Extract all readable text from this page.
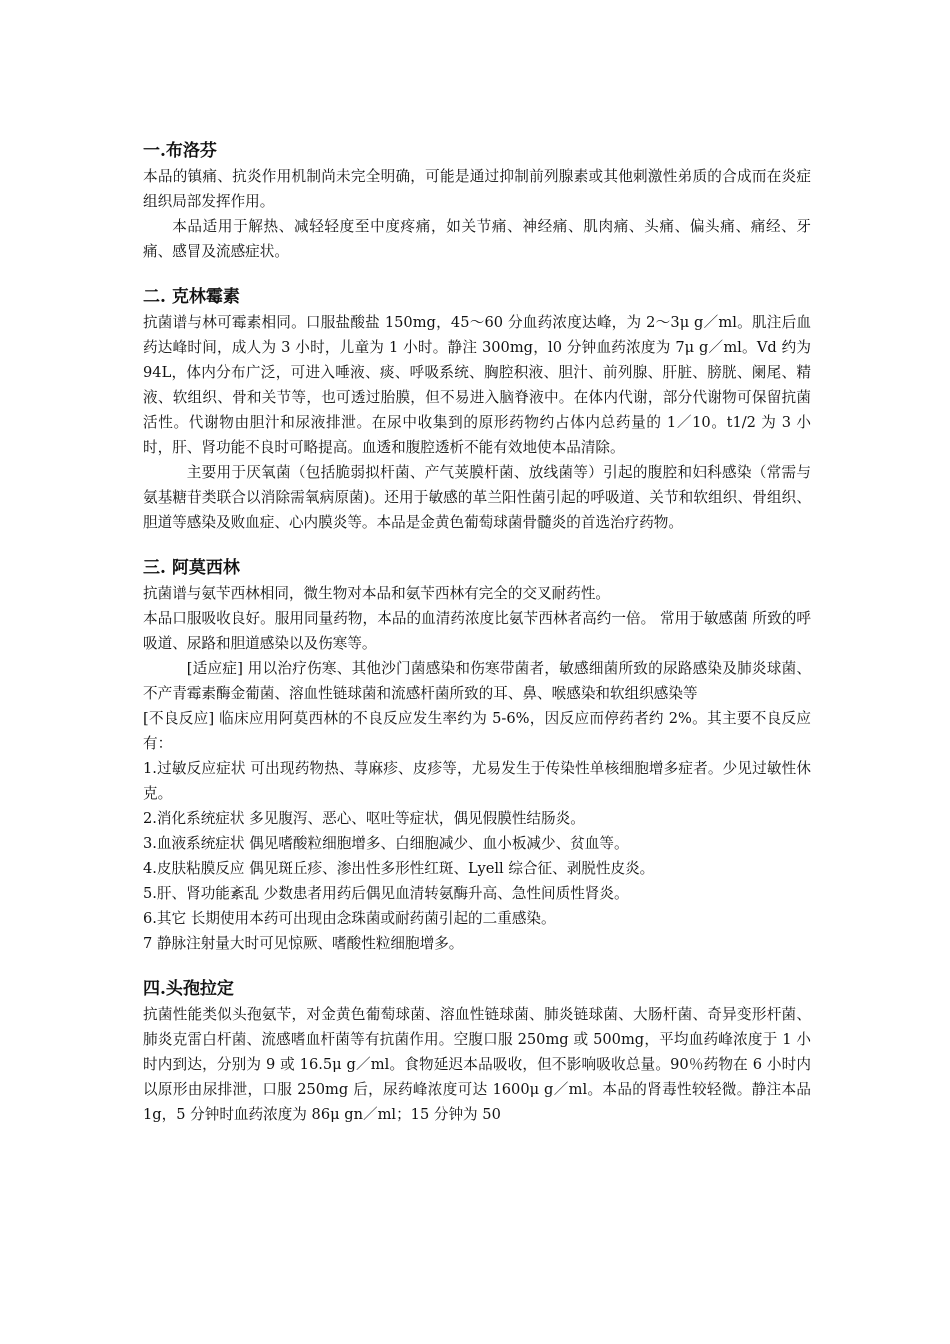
一.布洛芬

本品的镇痛、抗炎作用机制尚未完全明确，可能是通过抑制前列腺素或其他刺激性弟质的合成而在炎症组织局部发挥作用。

本品适用于解热、减轻轻度至中度疼痛，如关节痛、神经痛、肌肉痛、头痛、偏头痛、痛经、牙痛、感冒及流感症状。

二. 克林霉素

抗菌谱与林可霉素相同。口服盐酸盐 150mg，45～60 分血药浓度达峰，为 2～3μ g／ml。肌注后血药达峰时间，成人为 3 小时，儿童为 1 小时。静注 300mg，l0 分钟血药浓度为 7μ g／ml。Vd 约为 94L，体内分布广泛，可进入唾液、痰、呼吸系统、胸腔积液、胆汁、前列腺、肝脏、膀胱、阑尾、精液、软组织、骨和关节等，也可透过胎膜，但不易进入脑脊液中。在体内代谢，部分代谢物可保留抗菌活性。代谢物由胆汁和尿液排泄。在尿中收集到的原形药物约占体内总药量的 1／10。t1/2 为 3 小时，肝、肾功能不良时可略提高。血透和腹腔透析不能有效地使本品清除。

主要用于厌氧菌（包括脆弱拟杆菌、产气荚膜杆菌、放线菌等）引起的腹腔和妇科感染（常需与氨基糖苷类联合以消除需氧病原菌)。还用于敏感的革兰阳性菌引起的呼吸道、关节和软组织、骨组织、胆道等感染及败血症、心内膜炎等。本品是金黄色葡萄球菌骨髓炎的首选治疗药物。

三. 阿莫西林

抗菌谱与氨苄西林相同，微生物对本品和氨苄西林有完全的交叉耐药性。

本品口服吸收良好。服用同量药物，本品的血清药浓度比氨苄西林者高约一倍。 常用于敏感菌 所致的呼吸道、尿路和胆道感染以及伤寒等。

[适应症] 用以治疗伤寒、其他沙门菌感染和伤寒带菌者，敏感细菌所致的尿路感染及肺炎球菌、不产青霉素酶金葡菌、溶血性链球菌和流感杆菌所致的耳、鼻、喉感染和软组织感染等

[不良反应] 临床应用阿莫西林的不良反应发生率约为 5-6%，因反应而停药者约 2%。其主要不良反应有：

1.过敏反应症状 可出现药物热、荨麻疹、皮疹等，尤易发生于传染性单核细胞增多症者。少见过敏性休克。

2.消化系统症状 多见腹泻、恶心、呕吐等症状，偶见假膜性结肠炎。

3.血液系统症状 偶见嗜酸粒细胞增多、白细胞减少、血小板减少、贫血等。

4.皮肤粘膜反应 偶见斑丘疹、渗出性多形性红斑、Lyell 综合征、剥脱性皮炎。

5.肝、肾功能紊乱 少数患者用药后偶见血清转氨酶升高、急性间质性肾炎。

6.其它 长期使用本药可出现由念珠菌或耐药菌引起的二重感染。

7 静脉注射量大时可见惊厥、嗜酸性粒细胞增多。

四.头孢拉定

抗菌性能类似头孢氨苄，对金黄色葡萄球菌、溶血性链球菌、肺炎链球菌、大肠杆菌、奇异变形杆菌、肺炎克雷白杆菌、流感嗜血杆菌等有抗菌作用。空腹口服 250mg 或 500mg，平均血药峰浓度于 1 小时内到达，分别为 9 或 16.5μ g／ml。食物延迟本品吸收，但不影响吸收总量。90％药物在 6 小时内以原形由尿排泄，口服 250mg 后，尿药峰浓度可达 1600μ g／ml。本品的肾毒性较轻微。静注本品 1g，5 分钟时血药浓度为 86μ gn／ml；15 分钟为 50
